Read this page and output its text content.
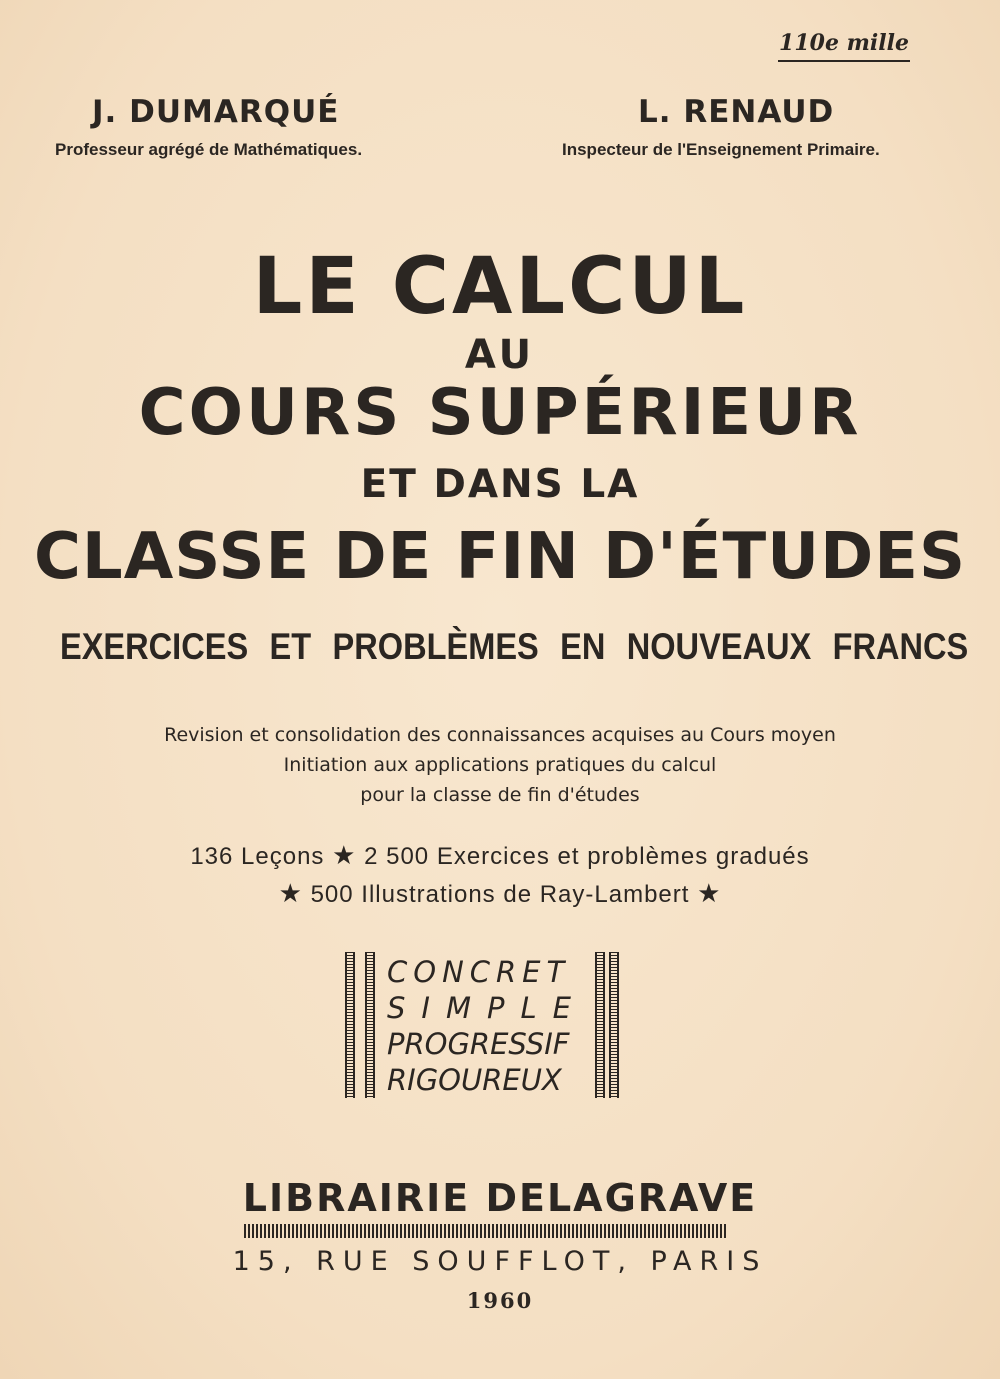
110e mille
J. DUMARQUÉ
Professeur agrégé de Mathématiques.
L. RENAUD
Inspecteur de l'Enseignement Primaire.
LE CALCUL
AU
COURS SUPÉRIEUR
ET DANS LA
CLASSE DE FIN D'ÉTUDES
EXERCICES ET PROBLÈMES EN NOUVEAUX FRANCS
Revision et consolidation des connaissances acquises au Cours moyen
Initiation aux applications pratiques du calcul
pour la classe de fin d'études
136 Leçons ★ 2 500 Exercices et problèmes gradués
★ 500 Illustrations de Ray-Lambert ★
CONCRET
SIMPLE
PROGRESSIF
RIGOUREUX
LIBRAIRIE DELAGRAVE
15, RUE SOUFFLOT, PARIS
1960
